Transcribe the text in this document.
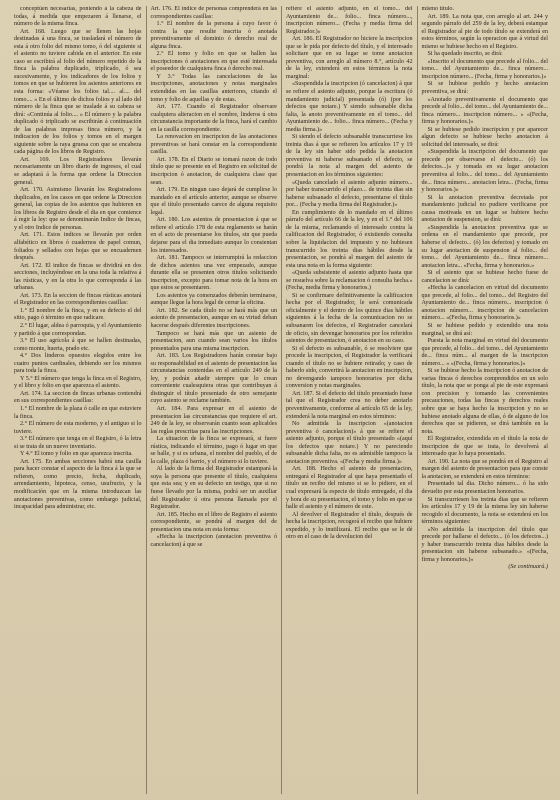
conceptúen necesarias, poniendo á la cabeza de todas, á medida que empezaren á llenarse, el número de la misma finca.

Art. 168. Luego que se llenen las hojas destinadas á una finca, se trasladará el número de esta á otro folio del mismo tomo, ó del siguiente si el asiento no tuviere cabida en el anterior. En este caso se escribirá al folio del número repetido de la finca la palabra duplicado, triplicado, ó sea sucesivamente, y los indicadores de los folios y tomos en que se hubieren los asientos anteriores en esta forma: «Véanse los folios tal.... al.... del tomo.... » En el último de dichos folios y al lado del número de la finca que se traslade á su cabeza se dirá: «Continúa al folio.... » El número y la palabra duplicado ó triplicado se escribirán á continuación de las palabras impresas finca número, y la indicacion de los folios y tomos en el margen siguiente sobre la raya gruesa con que se encabeza cada página de los libros de Registro.

Art. 169. Los Registradores llevarán necesariamente un libro diario de ingresos, el cual se adaptará á la forma que ordene la Direccion general.

Art. 170. Asimismo llevarán los Registradores duplicados, en los casos en que ordene la Direccion general, las copias de los asientos que hubieren en los libros de Registro desde el dia en que comience á regir la ley: que se denominarán Indice de fincas, y el otro Indice de personas.

Art. 171. Estos indices se llevarán por orden alfabético en libros ó cuadernos de papel comun, foliados y sellados con hojas que se encuadernen después.

Art. 172. El indice de fincas se dividirá en dos secciones, incluyéndose en la una toda la relativa á las rústicas, y en la otra lo que corresponda á las urbanas.

Art. 173. En la seccion de fincas rústicas anotará el Registrador en las correspondientes casillas:

1.° El nombre de la finca, y en su defecto el del sitio, pago ó término en que radicare.

2.° El lugar, aldea ó parroquia, y el Ayuntamiento y partido á que correspondan.

3.° El uso agrícola á que se hallen destinadas, como monte, huerta, prado etc.

4.° Dos linderos opuestos elegidos entre los cuatro puntos cardinales, debiendo ser los mismos para toda la finca.

Y 5.° El número que tenga la finca en el Registro, y el libro y folio en que aparezca el asiento.

Art. 174. La seccion de fincas urbanas contendrá en sus correspondientes casillas:

1.° El nombre de la plaza ó calle en que estuviere la finca.

2.° El número de esta moderno, y el antiguo si lo tuviere.

3.° El número que tenga en el Registro, ó la letra si se trata de un nuevo inventario.

Y 4.° El tomo y folio en que aparezca inscrita.

Art. 175. En ambas secciones habrá una casilla para hacer constar el aspecto de la finca á la que se refieren, como precio, fecha, duplicado, arrendamiento, hipoteca, censo, usufructo, y la modificación que en la misma introduzcan las anotaciones preventivas, como embargo judicial, incapacidad para administrar, etc.

Art. 176. El índice de personas comprenderá en las correspondientes casillas:

1.° El nombre de la persona á cuyo favor ó contra la que resulte inscrita ó anotada preventivamente el dominio ó derecho real de alguna finca.

2.° El tomo y folio en que se hallen las inscripciones ó anotaciones en que esté interesada el poseedor de cualquiera finca ó derecho real.

Y 3.° Todas las cancelaciones de las inscripciones, anotaciones y notas marginales extendidas en las casillas anteriores, citando el tomo y folio de aquellas y de estas.

Art. 177. Cuando el Registrador observare cualquiera alteracion en el nombre, linderos ú otra circunstancia importante de la finca, hará el cambio en la casilla correspondiente.

La renovacion en inscripcion de las anotaciones preventivas se hará constar en la correspondiente casilla.

Art. 178. En el Diario se tomará razon de todo título que se presente en el Registro en solicitud de inscripcion ó anotacion, de cualquiera clase que sean.

Art. 179. En ningun caso dejará de cumplirse lo mandado en el artículo anterior, aunque se observe que el título presentado carece de alguna requisito legal.

Art. 180. Los asientos de presentacion á que se refiere el artículo 178 de esta reglamento se harán en el acto de presentarse los títulos, sin que pueda dejarse para el dia inmediato aunque lo consientan los interesados.

Art. 181. Tampoco se interrumpirá la redaccion de dichos asientos una vez empezado, aunque durante ella se presenten otros títulos solicitando inscripcion, excepto para tomar nota de la hora en que estos se presentaren.

Los asientos ya comenzados deberán terminarse, aunque llegue la hora legal de cerrar la oficina.

Art. 182. Se cada título no se hará más que un asiento de presentacion, aunque en su virtud deban hacerse después diferentes inscripciones.

Tampoco se hará más que un asiento de presentacion, aun cuando sean varios los títulos presentados para una misma inscripcion.

Art. 183. Los Registradores harán constar bajo su responsabilidad en el asiento de presentacion las circunstancias contenidas en el artículo 249 de la ley, y podrán añadir siempre que lo crean conveniente cualesquiera otras que contribuyan á distinguir el título presentado de otro semejante cuyo asiento se reclame también.

Art. 184. Para expresar en el asiento de presentacion las circunstancias que requiere el art. 249 de la ley, se observarán cuanto sean aplicables las reglas prescritas para las inscripciones.

La situacion de la finca se expresará, si fuere rústica, indicando el término, pago ó lugar en que se halle, y si es urbana, el nombre del pueblo, el de la calle, plaza ó barrio, y el número si lo tuviere.

Al lado de la firma del Registrador estampará la suya la persona que presente el título, cualquiera que esta sea; y en su defecto un testigo, que si no fuese llevado por la misma, podrá ser un auxiliar del Registrador ú otra persona llamada por el Registrador.

Art. 185. Hecho en el libro de Registro el asiento correspondiente, se pondrá al margen del de presentacion una nota en esta forma:

«Hecha la inscripcion (anotacion preventiva ó cancelacion) á que se

refiere el asiento adjunto, en el tomo... del Ayuntamiento de... folio... finca número..., inscripcion número... (Fecha y media firma del Registrador.)»

Art. 186. El Registrador no hiciere la inscripcion que se le pida por defecto del título, y el interesado solicitare que en su lugar se tome anotacion preventiva, con arreglo al número 8.°, artículo 42 de la ley, extenderá en estos términos la nota marginal:

«Suspendida la inscripcion (ó cancelacion) á que se refiere el asiento adjunto, porque la escritura (ó mandamiento judicial) presentada (ó) (por los defectos que notare.) Y siendo subsanable dicha falta, la anoto preventivamente en el tomo... del Ayuntamiento de... folio... finca número... (Fecha y media firma.)»

Si siendo el defecto subsanable transcurriese los treinta dias á que se refieren los artículos 17 y 19 de la ley sin haber sido pedida la anotacion preventiva ni haberse subsanado el defecto, se pondrá la nota al margen del asiento de presentacion en los términos siguientes:

«Queda cancelado el asiento adjunto número... por haber transcurrido el plazo... de treinta dias sin haberse subsanado el defecto, presentarse el título por... (Fecha y media firma del Registrador.)»

En cumplimiento de lo mandado en el último párrafo del artículo 66 de la ley, y en el 1.° del 106 de la misma, reclamando el interesado contra la calificacion del Registrador, ó existiendo consulta sobre la liquidacion del impuesto y no hubiesen transcurrido los treinta dias hábiles desde la presentacion, se pondrá al margen del asiento de esta una nota en la forma siguiente:

«Queda subsistente el asiento adjunto hasta que se resuelva sobre la reclamacion ó consulta hecha.» (Fecha, media firma y honorarios.)

Si se confirmare definitivamente la calificacion hecha por el Registrador, le será comunicada oficialmente y el dentro de los quince dias hábiles siguientes á la fecha de la comunicacion no se subsanaren los defectos, el Registrador cancelará de oficio, sin devengar honorarios por los referidos asientos de presentacion, ó anotacion en su caso.

Si el defecto es subsanable, ó se resolviere que procede la inscripcion, el Registrador la verificará cuando el título no se hubiere retirado; y caso de haberlo sido, convertirá la anotacion en inscripcion, no devengando tampoco honorarios por dicha conversion y notas marginales.

Art. 187. Si el defecto del título presentado fuese tal que el Registrador crea no deber anotarlo preventivamente, conforme al artículo 65 de la ley, extenderá la nota marginal en estos términos:

No admitida la inscripcion «(anotacion preventiva ó cancelacion)» á que se refiere el asiento adjunto, porque el título presentado «(aquí los defectos que notare.) Y no pareciendo subsanable dicha falta, no es admisible tampoco la anotacion preventiva. «(Fecha y media firma.)»

Art. 188. Hecho el asiento de presentacion, entregará el Registrador al que haya presentado el título un recibo del mismo si se lo pidiere, en el cual expresará la especie de título entregado, el dia y hora de su presentacion, el tomo y folio en que se halle el asiento y el número de este.

Al devolver el Registrador el título, después de hecha la inscripcion, recogerá el recibo que hubiere expedido, y lo inutilizará. El recibo que se le dé otro en el caso de la devolucion del

mismo título.

Art. 189. La nota que, con arreglo al art. 244 y segundo párrafo del 259 de la ley, deberá estampar el Registrador al pie de todo título se extenderá en estos términos, según la operacion que á virtud del mismo se hubiese hecho en el Registro.

Si ha quedado inscrito, se dirá:

«Inscrito el documento que precede al folio... del tomo... del Ayuntamiento de... finca número... inscripcion número... (Fecha, firma y honorarios.)»

Si se hubiese pedido y hecho anotacion preventiva, se dirá:

«Anotado preventivamente el documento que precede al folio... del tomo... del Ayuntamiento de... finca número... inscripcion número... » «(Fecha, firma y honorarios.)»

Si se hubiese pedido inscripcion y por aparecer algun defecto se hubiese hecho anotacion á solicitud del interesado, se dirá:

«Suspendida la inscripcion del documento que precede por observarse el defecto... (ó) los defectos...)» y tomada en su lugar anotacion preventiva al folio... del tomo... del Ayuntamiento de... finca número... anotacion letra... (Fecha, firma y honorarios.)»

Si la anotacion preventiva decretada por mandamiento judicial no pudiere verificarse por causa motivada en un lugar se hubiere hecho anotacion de suspension, se dirá:

«Suspendida la anotacion preventiva que se ordena en el mandamiento que precede, por haberse el defecto... (ó) los defectos) y tomado en su lugar anotacion de suspension al folio... del tomo... del Ayuntamiento de... finca número... anotacion letra... «Fecha, firma y honorarios.»

Si el asiento que se hubiese hecho fuese de cancelacion se dirá:

«Hecha la cancelacion en virtud del documento que precede, al folio... del tomo... del Registro del Ayuntamiento de... finca número... inscripcion ó anotacion número... inscripcion de cancelacion número... «(Fecha, firma y honorarios.)»

Si se hubiese pedido y extendido una nota marginal, se dirá así:

Puesta la nota marginal en virtud del documento que precede, al folio... del tomo... del Ayuntamiento de... finca núm... al margen de la inscripcion número... » «(Fecha, firma y honorarios.)»

Si se hubiese hecho la inscripcion ó anotacion de varias fincas ó derechos comprendidos en un solo título, la nota que se ponga al pie de este expresará con precision y tomando las convenientes precauciones, todas las fincas y derechos reales sobre que se haya hecho la inscripcion y no se hubiese anotado alguna de ellas, ó de alguno de los derechos que se pidieren, se dirá también en la nota.

El Registrador, extendida en el título la nota de inscripcion de que se trata, lo devolverá al interesado que lo haya presentado.

Art. 190. La nota que se pondrá en el Registro al margen del asiento de presentacion para que conste la anotacion, se extenderá en estos términos:

Presentado tal dia. Dicho número... ó ha sido devuelto por esta presentacion honorarios.

Si transcurriesen los treinta dias que se refieren los artículos 17 y 19 de la misma ley sin haberse recogido el documento, la nota se extenderá en los términos siguientes:

«No admitida la inscripcion del título que precede por hallarse el defecto... (ó los defectos...) y haber transcurrido treinta dias hábiles desde la presentacion sin haberse subsanado.» «(Fecha, firma y honorarios.)»

(Se continuará.)
